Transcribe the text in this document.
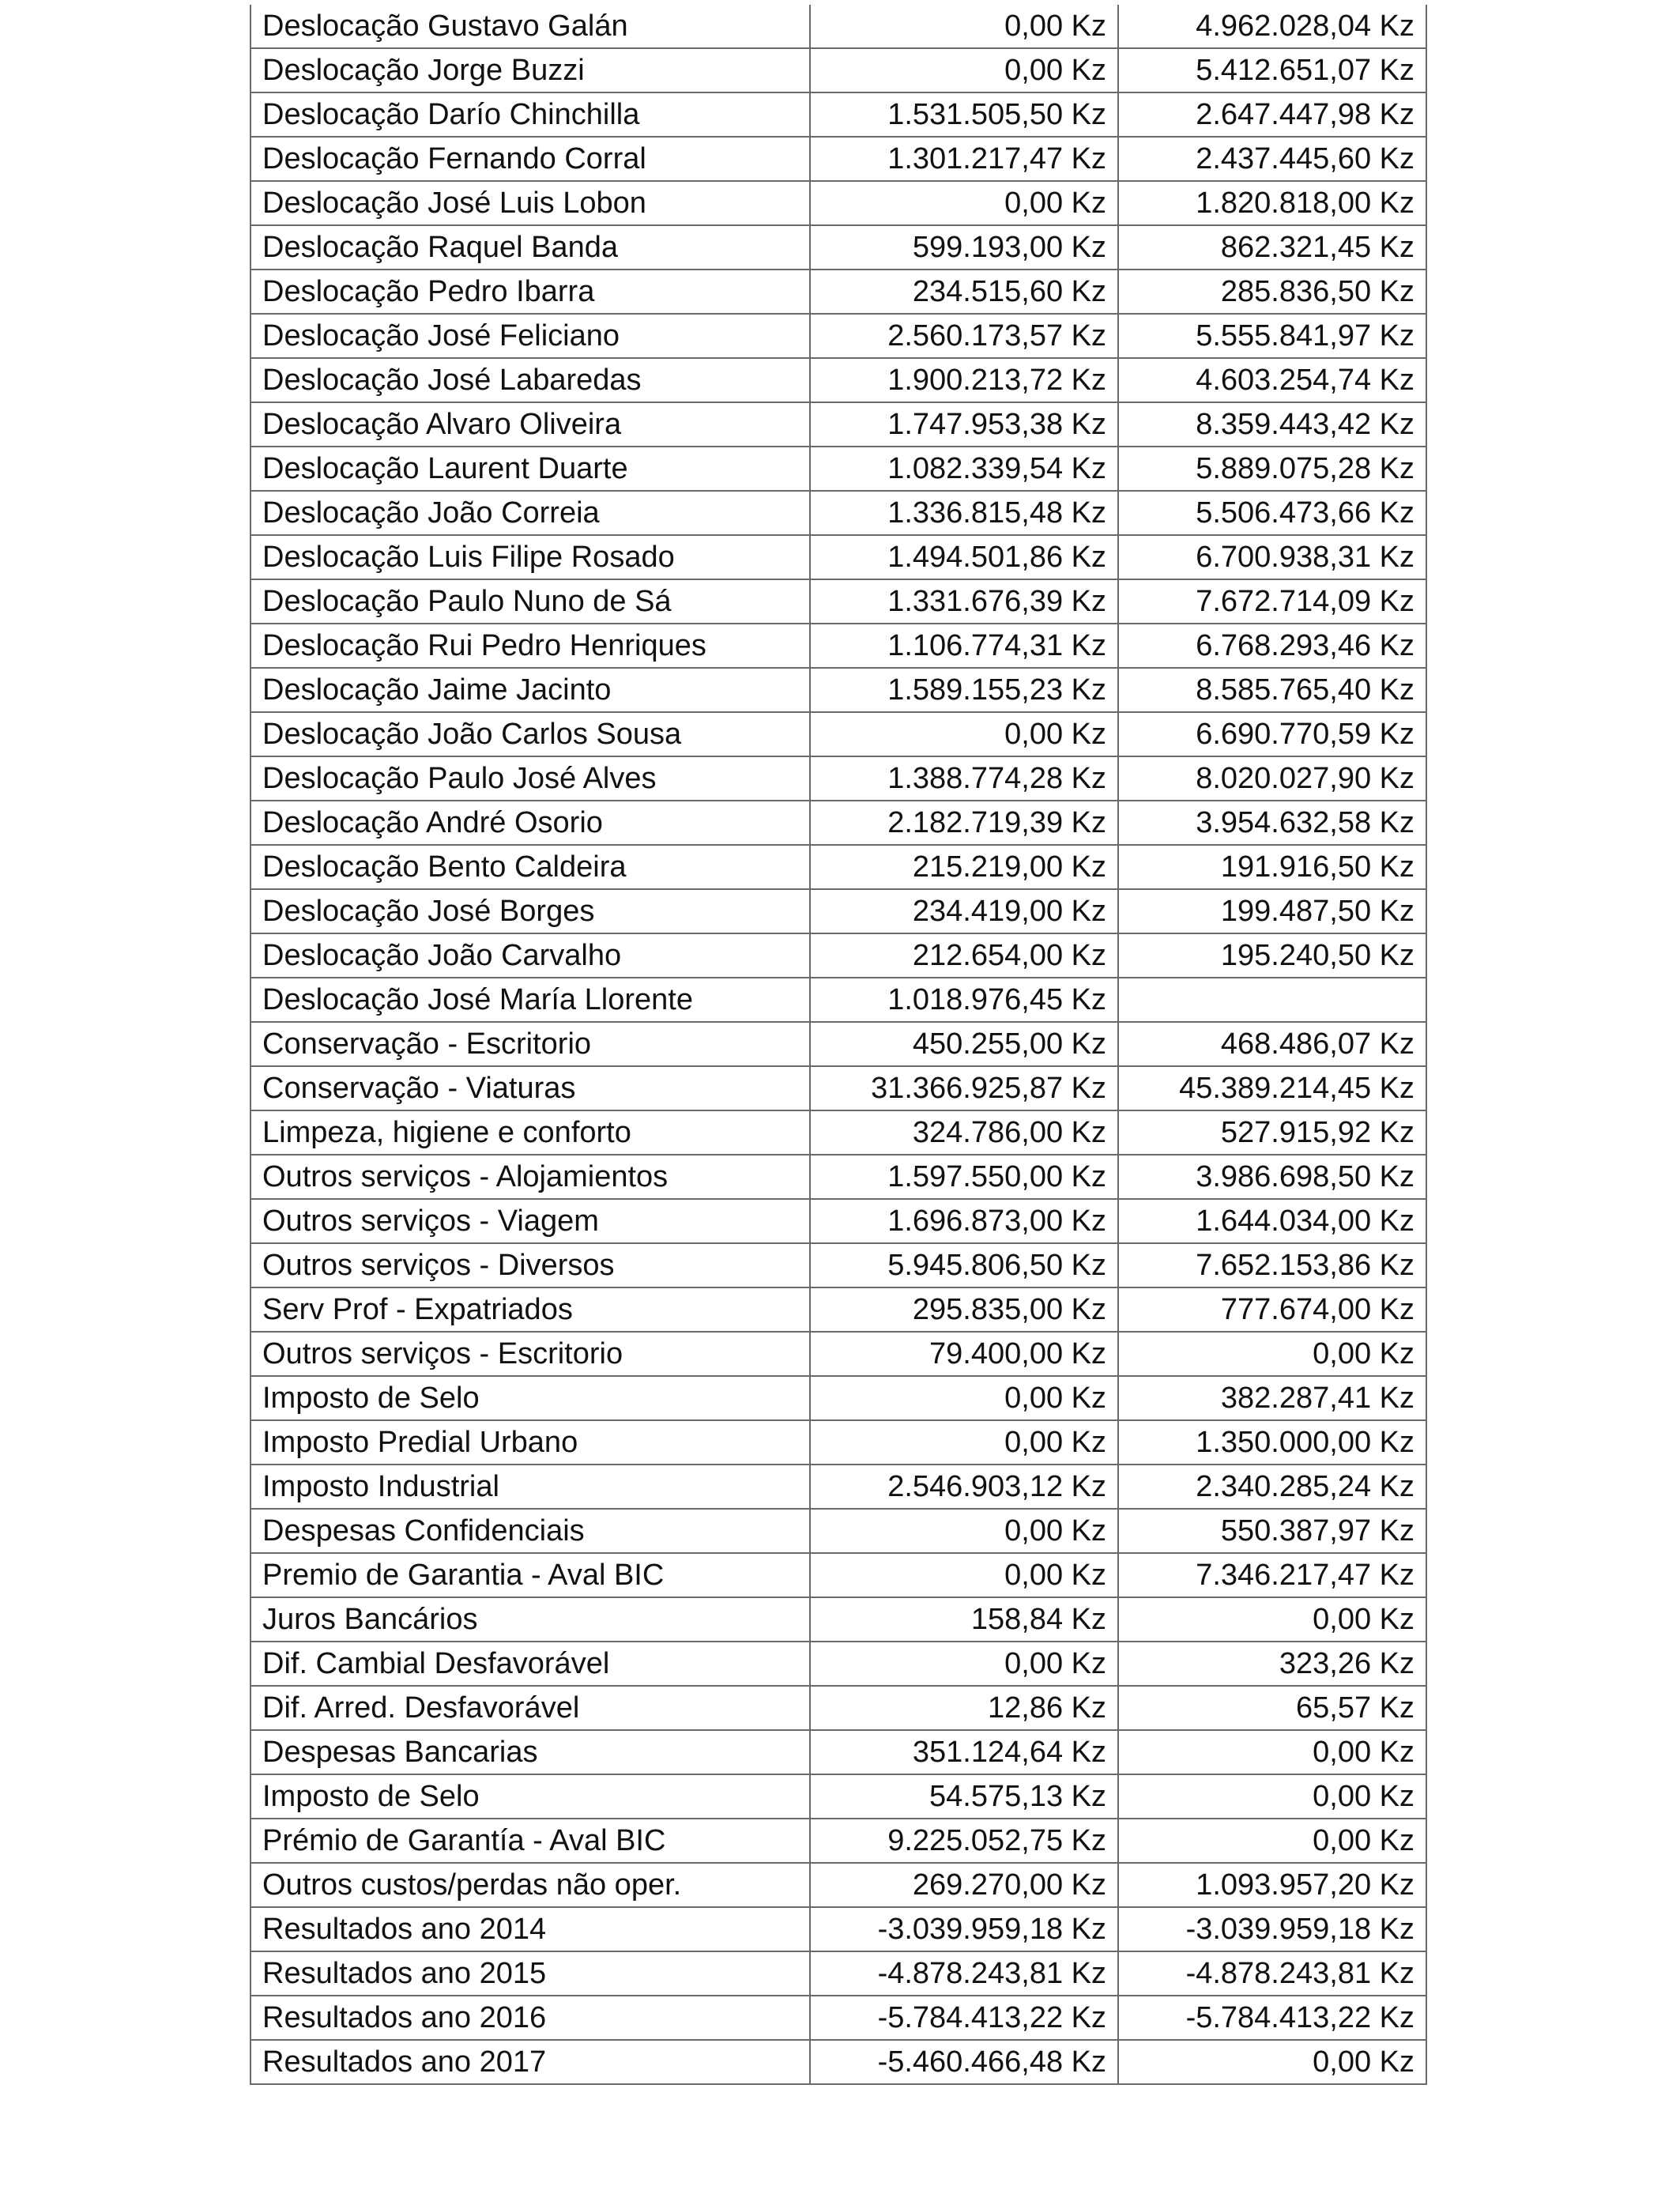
Deslocação Gustavo Galán	0,00 Kz	4.962.028,04 Kz
Deslocação Jorge Buzzi	0,00 Kz	5.412.651,07 Kz
Deslocação Darío Chinchilla	1.531.505,50 Kz	2.647.447,98 Kz
Deslocação Fernando Corral	1.301.217,47 Kz	2.437.445,60 Kz
Deslocação José Luis Lobon	0,00 Kz	1.820.818,00 Kz
Deslocação Raquel Banda	599.193,00 Kz	862.321,45 Kz
Deslocação Pedro Ibarra	234.515,60 Kz	285.836,50 Kz
Deslocação José Feliciano	2.560.173,57 Kz	5.555.841,97 Kz
Deslocação José Labaredas	1.900.213,72 Kz	4.603.254,74 Kz
Deslocação Alvaro Oliveira	1.747.953,38 Kz	8.359.443,42 Kz
Deslocação Laurent Duarte	1.082.339,54 Kz	5.889.075,28 Kz
Deslocação João Correia	1.336.815,48 Kz	5.506.473,66 Kz
Deslocação Luis Filipe Rosado	1.494.501,86 Kz	6.700.938,31 Kz
Deslocação Paulo Nuno de Sá	1.331.676,39 Kz	7.672.714,09 Kz
Deslocação Rui Pedro Henriques	1.106.774,31 Kz	6.768.293,46 Kz
Deslocação Jaime Jacinto	1.589.155,23 Kz	8.585.765,40 Kz
Deslocação João Carlos Sousa	0,00 Kz	6.690.770,59 Kz
Deslocação Paulo José Alves	1.388.774,28 Kz	8.020.027,90 Kz
Deslocação André Osorio	2.182.719,39 Kz	3.954.632,58 Kz
Deslocação Bento Caldeira	215.219,00 Kz	191.916,50 Kz
Deslocação José Borges	234.419,00 Kz	199.487,50 Kz
Deslocação João Carvalho	212.654,00 Kz	195.240,50 Kz
Deslocação José María Llorente	1.018.976,45 Kz	
Conservação - Escritorio	450.255,00 Kz	468.486,07 Kz
Conservação - Viaturas	31.366.925,87 Kz	45.389.214,45 Kz
Limpeza, higiene e conforto	324.786,00 Kz	527.915,92 Kz
Outros serviços - Alojamientos	1.597.550,00 Kz	3.986.698,50 Kz
Outros serviços - Viagem	1.696.873,00 Kz	1.644.034,00 Kz
Outros serviços - Diversos	5.945.806,50 Kz	7.652.153,86 Kz
Serv Prof - Expatriados	295.835,00 Kz	777.674,00 Kz
Outros serviços - Escritorio	79.400,00 Kz	0,00 Kz
Imposto de Selo	0,00 Kz	382.287,41 Kz
Imposto Predial Urbano	0,00 Kz	1.350.000,00 Kz
Imposto Industrial	2.546.903,12 Kz	2.340.285,24 Kz
Despesas Confidenciais	0,00 Kz	550.387,97 Kz
Premio de Garantia - Aval BIC	0,00 Kz	7.346.217,47 Kz
Juros Bancários	158,84 Kz	0,00 Kz
Dif. Cambial Desfavorável	0,00 Kz	323,26 Kz
Dif. Arred. Desfavorável	12,86 Kz	65,57 Kz
Despesas Bancarias	351.124,64 Kz	0,00 Kz
Imposto de Selo	54.575,13 Kz	0,00 Kz
Prémio de Garantía - Aval BIC	9.225.052,75 Kz	0,00 Kz
Outros custos/perdas não oper.	269.270,00 Kz	1.093.957,20 Kz
Resultados ano 2014	-3.039.959,18 Kz	-3.039.959,18 Kz
Resultados ano 2015	-4.878.243,81 Kz	-4.878.243,81 Kz
Resultados ano 2016	-5.784.413,22 Kz	-5.784.413,22 Kz
Resultados ano 2017	-5.460.466,48 Kz	0,00 Kz
